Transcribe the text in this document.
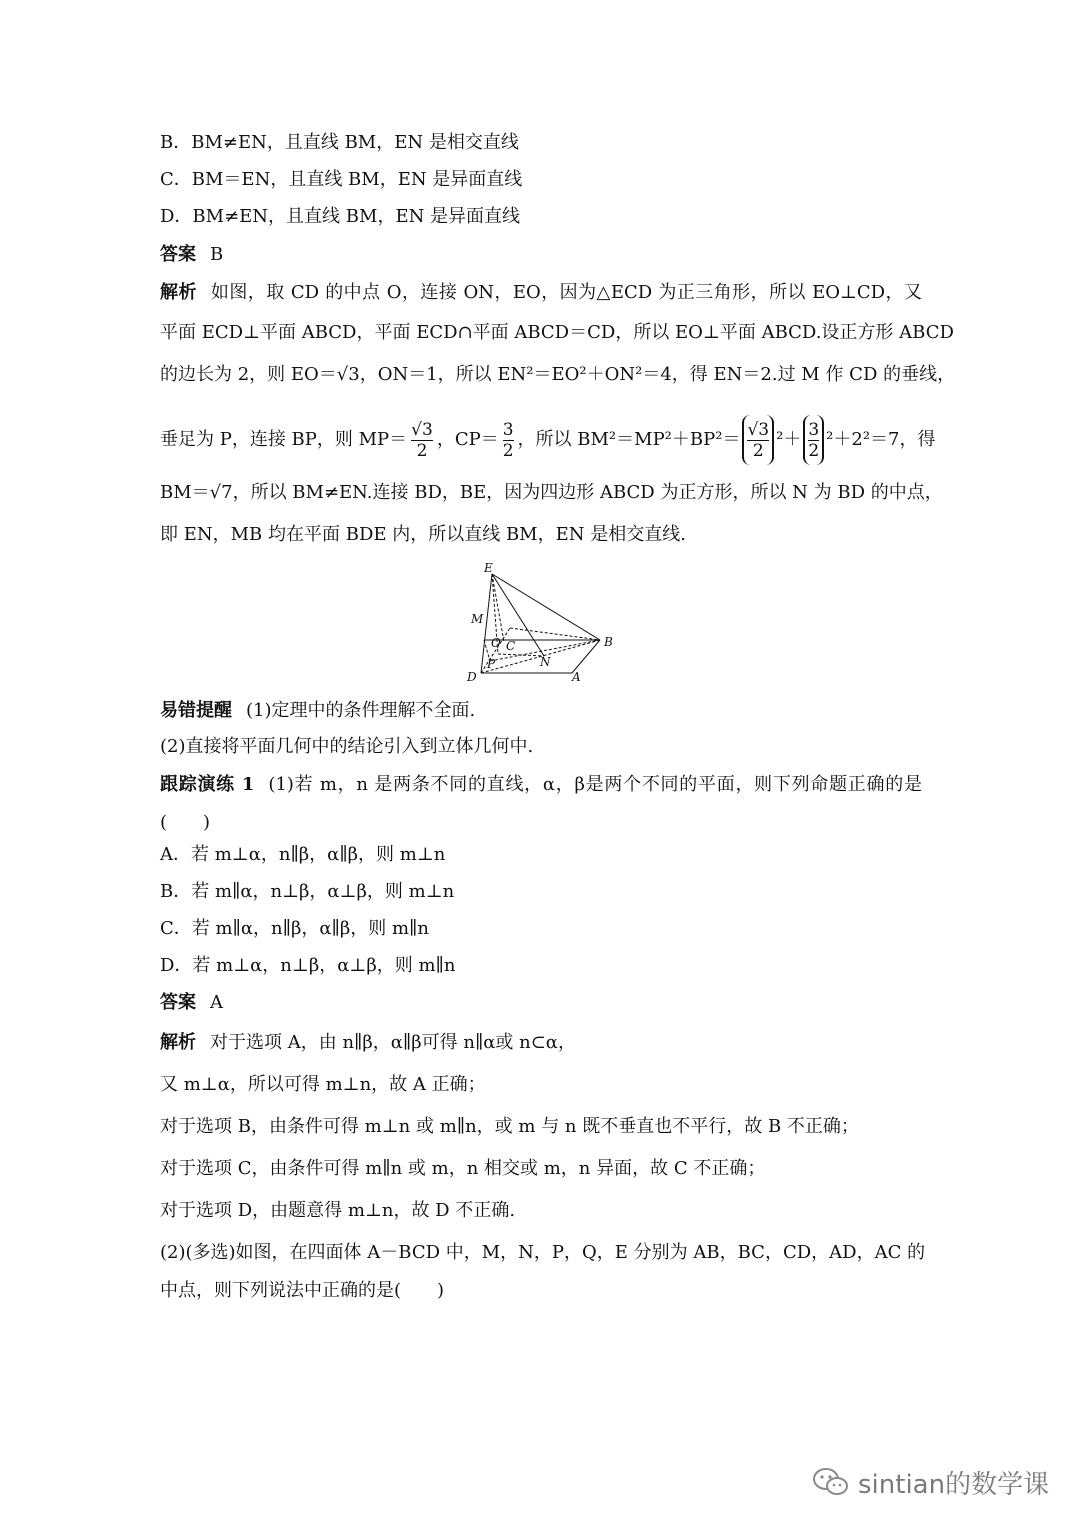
B．BM≠EN，且直线 BM，EN 是相交直线
C．BM＝EN，且直线 BM，EN 是异面直线
D．BM≠EN，且直线 BM，EN 是异面直线
答案 B
解析 如图，取 CD 的中点 O，连接 ON，EO，因为△ECD 为正三角形，所以 EO⊥CD，又
平面 ECD⊥平面 ABCD，平面 ECD∩平面 ABCD＝CD，所以 EO⊥平面 ABCD.设正方形 ABCD
的边长为 2，则 EO＝√3，ON＝1，所以 EN²＝EO²＋ON²＝4，得 EN＝2.过 M 作 CD 的垂线，
垂足为 P，连接 BP，则 $MP= \frac{√3}{2}$ ，$CP= \frac{3}{2}$ ，所以 $BM^2=MP^2+BP^2= \frac{√3}{2} ^2+ \frac{3}{2} ^2+2^2=7$，得
BM＝√7，所以 BM≠EN.连接 BD，BE，因为四边形 ABCD 为正方形，所以 N 为 BD 的中点，
即 EN，MB 均在平面 BDE 内，所以直线 BM，EN 是相交直线.
E
M
O C
P	N
B
D	A
易错提醒 (1)定理中的条件理解不全面.
(2)直接将平面几何中的结论引入到立体几何中.
跟踪演练 1 (1)若 m，n 是两条不同的直线，α，β是两个不同的平面，则下列命题正确的是
(　　)
A．若 m⊥α，n∥β，α∥β，则 m⊥n
B．若 m∥α，n⊥β，α⊥β，则 m⊥n
C．若 m∥α，n∥β，α∥β，则 m∥n
D．若 m⊥α，n⊥β，α⊥β，则 m∥n
答案 A
解析 对于选项 A，由 n∥β，α∥β可得 n∥α或 n⊂α，
又 m⊥α，所以可得 m⊥n，故 A 正确；
对于选项 B，由条件可得 m⊥n 或 m∥n，或 m 与 n 既不垂直也不平行，故 B 不正确；
对于选项 C，由条件可得 m∥n 或 m，n 相交或 m，n 异面，故 C 不正确；
对于选项 D，由题意得 m⊥n，故 D 不正确.
(2)(多选)如图，在四面体 A－BCD 中，M，N，P，Q，E 分别为 AB，BC，CD，AD，AC 的
中点，则下列说法中正确的是(　　)
sintian的数学课
